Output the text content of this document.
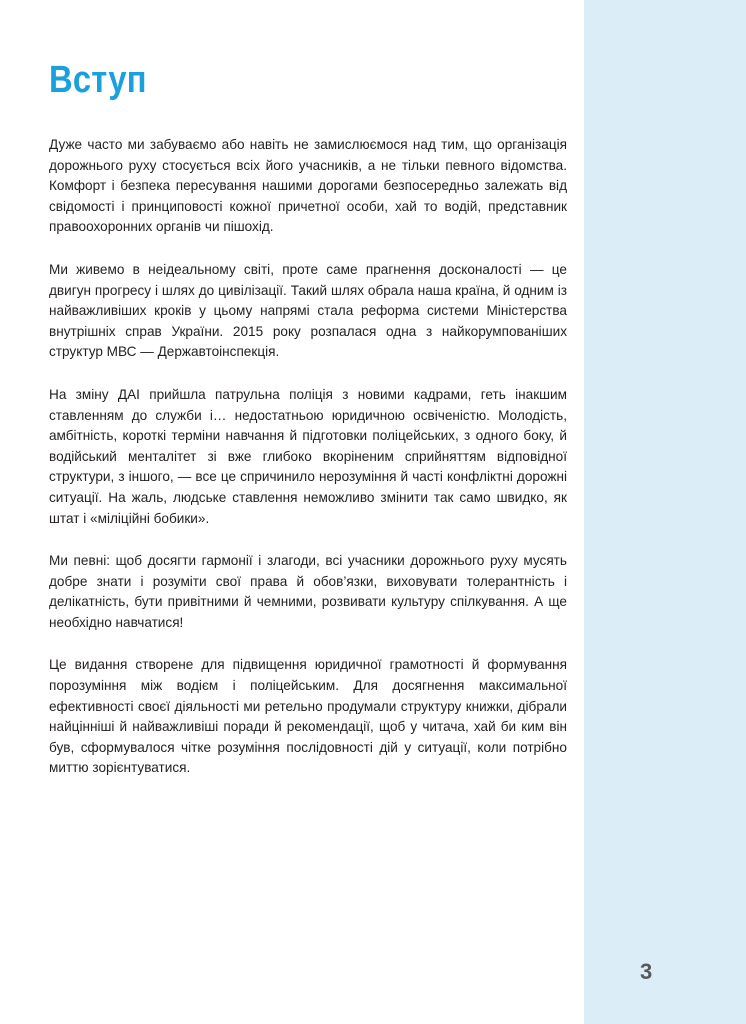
Вступ

Дуже часто ми забуваємо або навіть не замислюємося над тим, що організація дорожнього руху стосується всіх його учасників, а не тільки певного відомства. Комфорт і безпека пересування нашими дорогами безпосередньо залежать від свідомості і принциповості кожної причетної особи, хай то водій, представник правоохоронних органів чи пішохід.

Ми живемо в неідеальному світі, проте саме прагнення досконалості — це двигун прогресу і шлях до цивілізації. Такий шлях обрала наша країна, й одним із найважливіших кроків у цьому напрямі стала реформа системи Міністерства внутрішніх справ України. 2015 року розпалася одна з найкорумпованіших структур МВС — Державтоінспекція.

На зміну ДАІ прийшла патрульна поліція з новими кадрами, геть інакшим ставленням до служби і… недостатньою юридичною освіченістю. Молодість, амбітність, короткі терміни навчання й підготовки поліцейських, з одного боку, й водійський менталітет зі вже глибоко вкоріненим сприйняттям відповідної структури, з іншого, — все це спричинило нерозуміння й часті конфліктні дорожні ситуації. На жаль, людське ставлення неможливо змінити так само швидко, як штат і «міліційні бобики».

Ми певні: щоб досягти гармонії і злагоди, всі учасники дорожнього руху мусять добре знати і розуміти свої права й обов’язки, виховувати толерантність і делікатність, бути привітними й чемними, розвивати культуру спілкування. А ще необхідно навчатися!

Це видання створене для підвищення юридичної грамотності й формування порозуміння між водієм і поліцейським. Для досягнення максимальної ефективності своєї діяльності ми ретельно продумали структуру книжки, дібрали найцінніші й найважливіші поради й рекомендації, щоб у читача, хай би ким він був, сформувалося чітке розуміння послідовності дій у ситуації, коли потрібно миттю зорієнтуватися.

3
